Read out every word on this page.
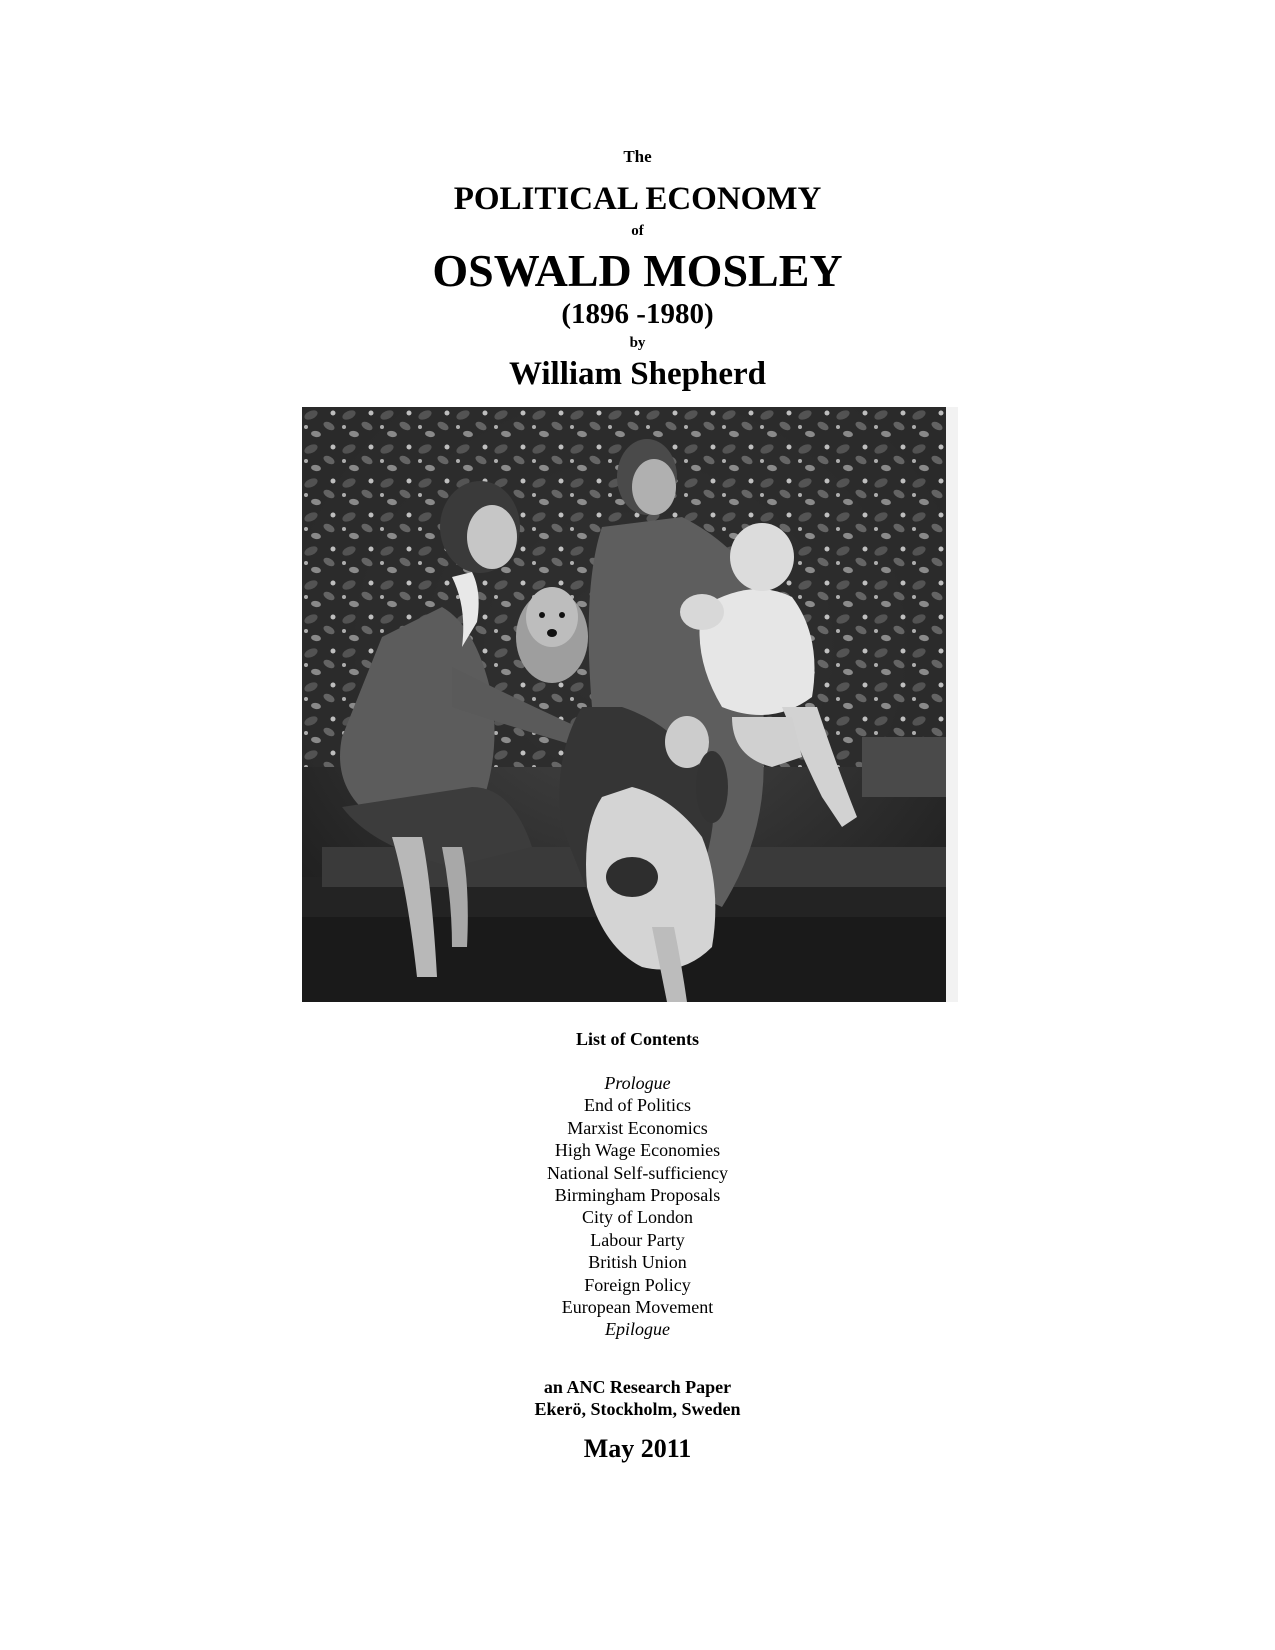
The

POLITICAL ECONOMY

of

OSWALD MOSLEY

(1896 -1980)

by

William Shepherd

List of Contents

Prologue
End of Politics
Marxist Economics
High Wage Economies
National Self-sufficiency
Birmingham Proposals
City of London
Labour Party
British Union
Foreign Policy
European Movement
Epilogue

an ANC Research Paper

Ekerö, Stockholm, Sweden

May 2011
